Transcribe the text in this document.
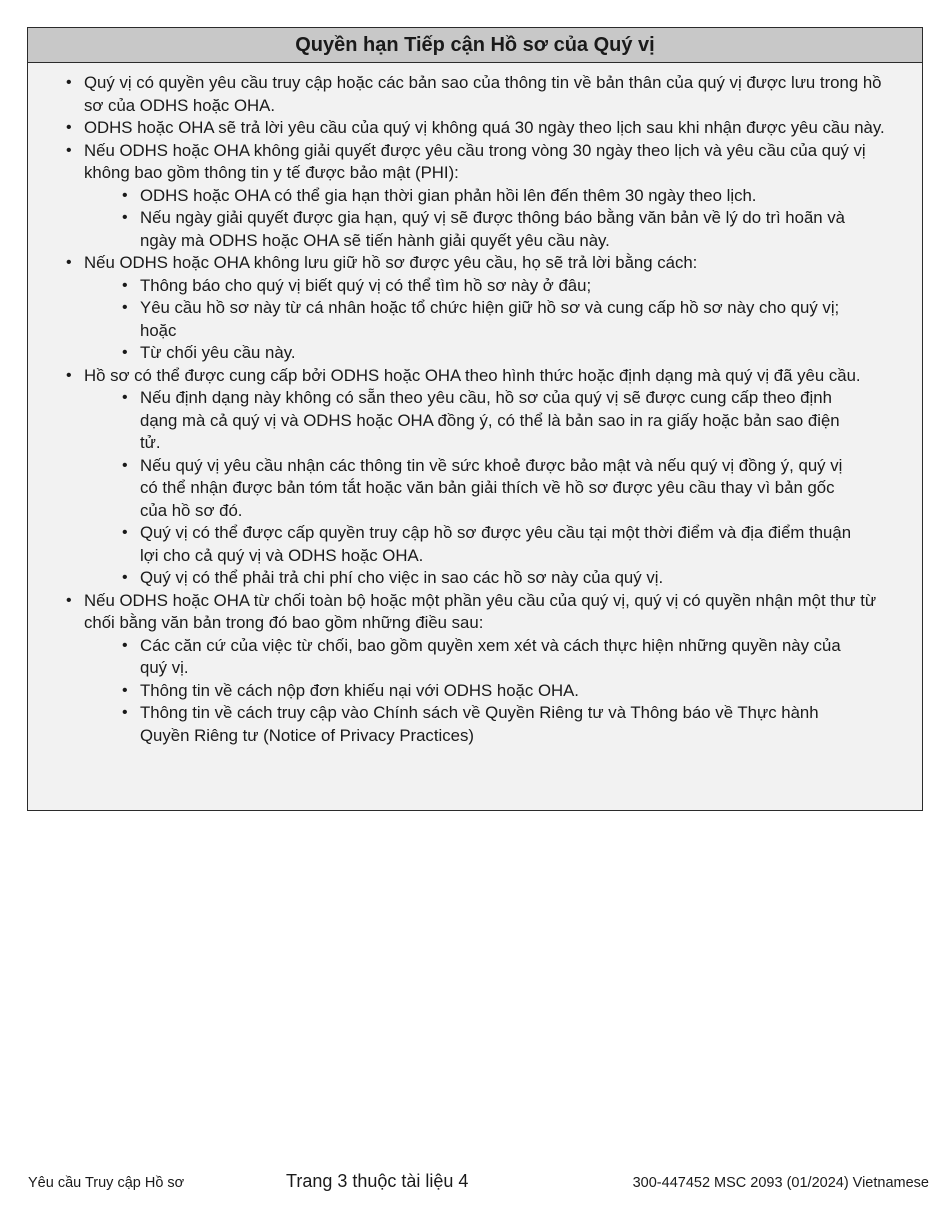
Quyền hạn Tiếp cận Hồ sơ của Quý vị
• Quý vị có quyền yêu cầu truy cập hoặc các bản sao của thông tin về bản thân của quý vị được lưu trong hồ sơ của ODHS hoặc OHA.
• ODHS hoặc OHA sẽ trả lời yêu cầu của quý vị không quá 30 ngày theo lịch sau khi nhận được yêu cầu này.
• Nếu ODHS hoặc OHA không giải quyết được yêu cầu trong vòng 30 ngày theo lịch và yêu cầu của quý vị không bao gồm thông tin y tế được bảo mật (PHI):
• ODHS hoặc OHA có thể gia hạn thời gian phản hồi lên đến thêm 30 ngày theo lịch.
• Nếu ngày giải quyết được gia hạn, quý vị sẽ được thông báo bằng văn bản về lý do trì hoãn và ngày mà ODHS hoặc OHA sẽ tiến hành giải quyết yêu cầu này.
• Nếu ODHS hoặc OHA không lưu giữ hồ sơ được yêu cầu, họ sẽ trả lời bằng cách:
• Thông báo cho quý vị biết quý vị có thể tìm hồ sơ này ở đâu;
• Yêu cầu hồ sơ này từ cá nhân hoặc tổ chức hiện giữ hồ sơ và cung cấp hồ sơ này cho quý vị; hoặc
• Từ chối yêu cầu này.
• Hồ sơ có thể được cung cấp bởi ODHS hoặc OHA theo hình thức hoặc định dạng mà quý vị đã yêu cầu.
• Nếu định dạng này không có sẵn theo yêu cầu, hồ sơ của quý vị sẽ được cung cấp theo định dạng mà cả quý vị và ODHS hoặc OHA đồng ý, có thể là bản sao in ra giấy hoặc bản sao điện tử.
• Nếu quý vị yêu cầu nhận các thông tin về sức khoẻ được bảo mật và nếu quý vị đồng ý, quý vị có thể nhận được bản tóm tắt hoặc văn bản giải thích về hồ sơ được yêu cầu thay vì bản gốc của hồ sơ đó.
• Quý vị có thể được cấp quyền truy cập hồ sơ được yêu cầu tại một thời điểm và địa điểm thuận lợi cho cả quý vị và ODHS hoặc OHA.
• Quý vị có thể phải trả chi phí cho việc in sao các hồ sơ này của quý vị.
• Nếu ODHS hoặc OHA từ chối toàn bộ hoặc một phần yêu cầu của quý vị, quý vị có quyền nhận một thư từ chối bằng văn bản trong đó bao gồm những điều sau:
• Các căn cứ của việc từ chối, bao gồm quyền xem xét và cách thực hiện những quyền này của quý vị.
• Thông tin về cách nộp đơn khiếu nại với ODHS hoặc OHA.
• Thông tin về cách truy cập vào Chính sách về Quyền Riêng tư và Thông báo về Thực hành Quyền Riêng tư (Notice of Privacy Practices)
Yêu cầu Truy cập Hồ sơ	Trang 3 thuộc tài liệu 4	300-447452 MSC 2093 (01/2024) Vietnamese
